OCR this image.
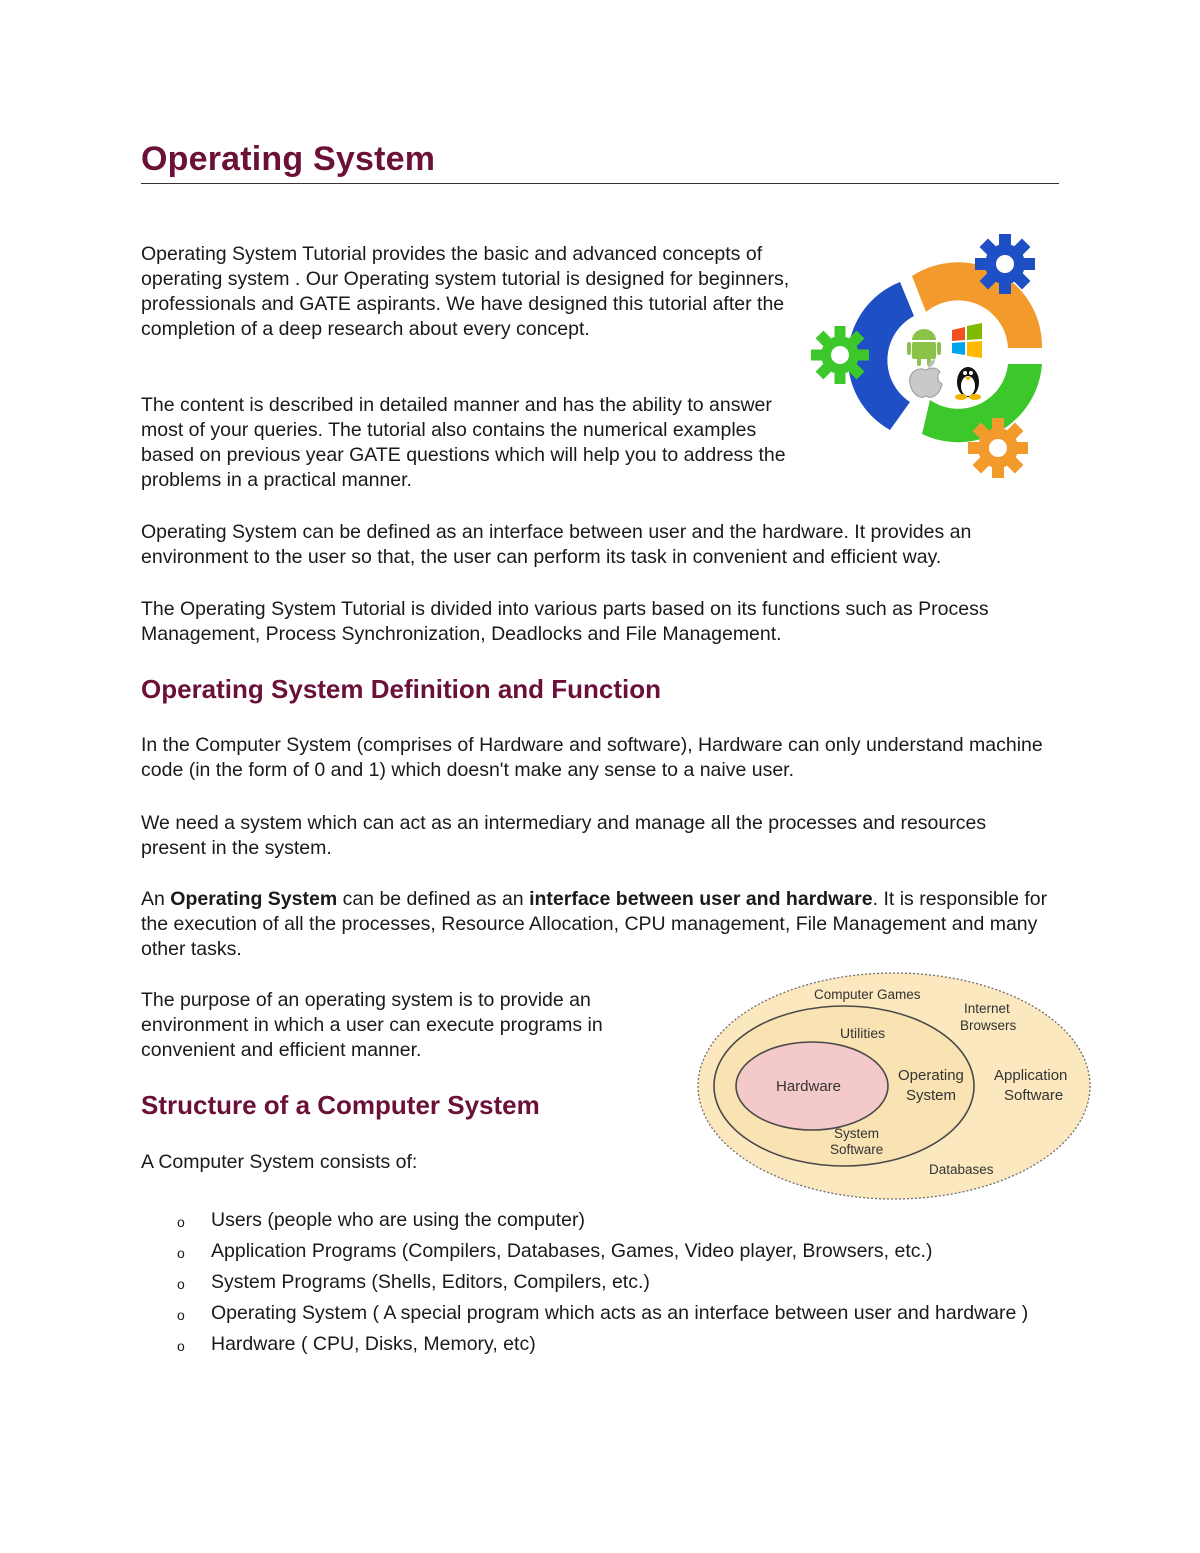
Operating System

Operating System Tutorial provides the basic and advanced concepts of operating system . Our Operating system tutorial is designed for beginners, professionals and GATE aspirants. We have designed this tutorial after the completion of a deep research about every concept.

The content is described in detailed manner and has the ability to answer most of your queries. The tutorial also contains the numerical examples based on previous year GATE questions which will help you to address the problems in a practical manner.

Operating System can be defined as an interface between user and the hardware. It provides an environment to the user so that, the user can perform its task in convenient and efficient way.

The Operating System Tutorial is divided into various parts based on its functions such as Process Management, Process Synchronization, Deadlocks and File Management.

Operating System Definition and Function

In the Computer System (comprises of Hardware and software), Hardware can only understand machine code (in the form of 0 and 1) which doesn't make any sense to a naive user.

We need a system which can act as an intermediary and manage all the processes and resources present in the system.

An Operating System can be defined as an interface between user and hardware. It is responsible for the execution of all the processes, Resource Allocation, CPU management, File Management and many other tasks.

The purpose of an operating system is to provide an environment in which a user can execute programs in convenient and efficient manner.

Computer Games
Internet
Browsers
Utilities
Hardware
Operating
System
Application
Software
System
Software
Databases
Structure of a Computer System

A Computer System consists of:

o Users (people who are using the computer)
o Application Programs (Compilers, Databases, Games, Video player, Browsers, etc.)
o System Programs (Shells, Editors, Compilers, etc.)
o Operating System ( A special program which acts as an interface between user and hardware )
o Hardware ( CPU, Disks, Memory, etc)
